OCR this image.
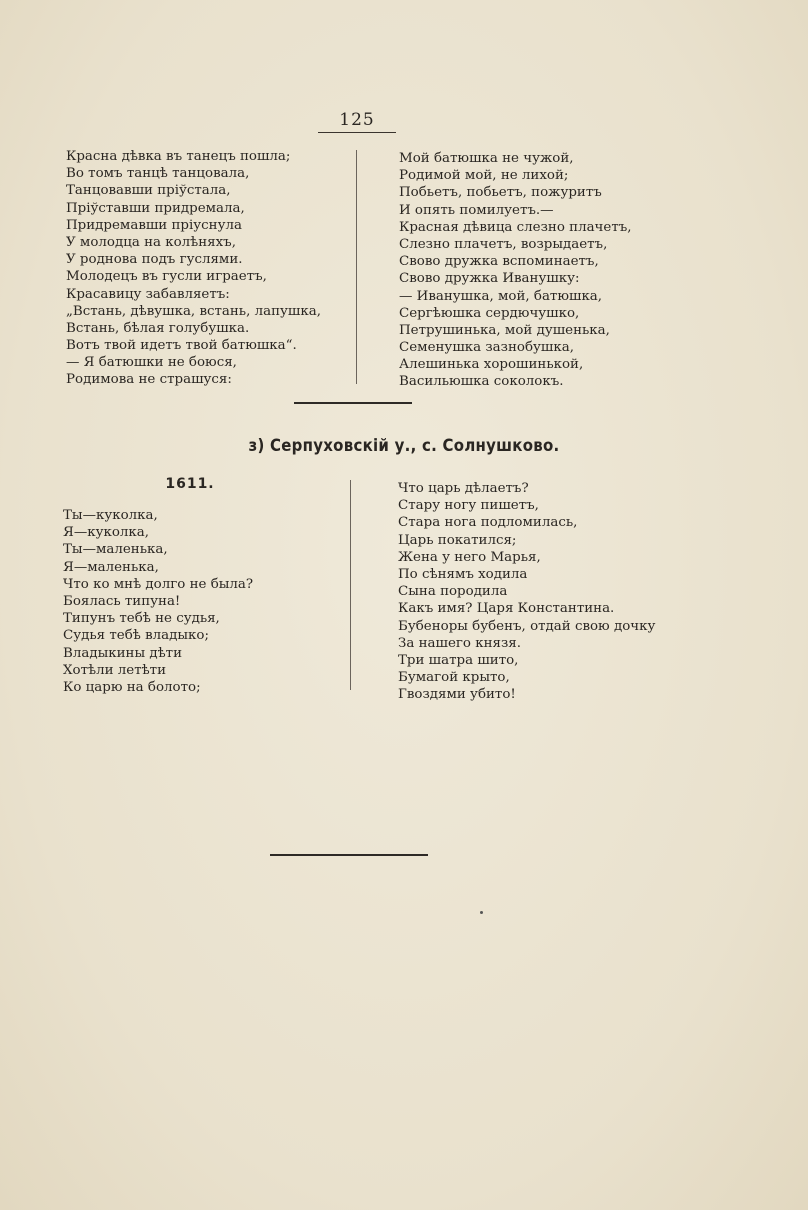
125
Красна дѣвка въ танецъ пошла;
Во томъ танцѣ танцовала,
Танцовавши пріўстала,
Пріўставши придремала,
Придремавши пріуснула
У молодца на колѣняхъ,
У роднова подъ гуслями.
Молодецъ въ гусли играетъ,
Красавицу забавляетъ:
„Встань, дѣвушка, встань, лапушка,
Встань, бѣлая голубушка.
Вотъ твой идетъ твой батюшка“.
— Я батюшки не боюся,
Родимова не страшуся:
Мой батюшка не чужой,
Родимой мой, не лихой;
Побьетъ, побьетъ, пожуритъ
И опять помилуетъ.—
Красная дѣвица слезно плачетъ,
Слезно плачетъ, возрыдаетъ,
Свово дружка вспоминаетъ,
Свово дружка Иванушку:
— Иванушка, мой, батюшка,
Сергѣюшка сердючушко,
Петрушинька, мой душенька,
Семенушка зазнобушка,
Алешинька хорошинькой,
Васильюшка соколокъ.
з) Серпуховскій у., с. Солнушково.
1611.
Ты—куколка,
Я—куколка,
Ты—маленька,
Я—маленька,
Что ко мнѣ долго не была?
Боялась типуна!
Типунъ тебѣ не судья,
Судья тебѣ владыко;
Владыкины дѣти
Хотѣли летѣти
Ко царю на болото;
Что царь дѣлаетъ?
Стару ногу пишетъ,
Стара нога подломилась,
Царь покатился;
Жена у него Марья,
По сѣнямъ ходила
Сына породила
Какъ имя? Царя Константина.
Бубеноры бубенъ, отдай свою дочку
За нашего князя.
Три шатра шито,
Бумагой крыто,
Гвоздями убито!
